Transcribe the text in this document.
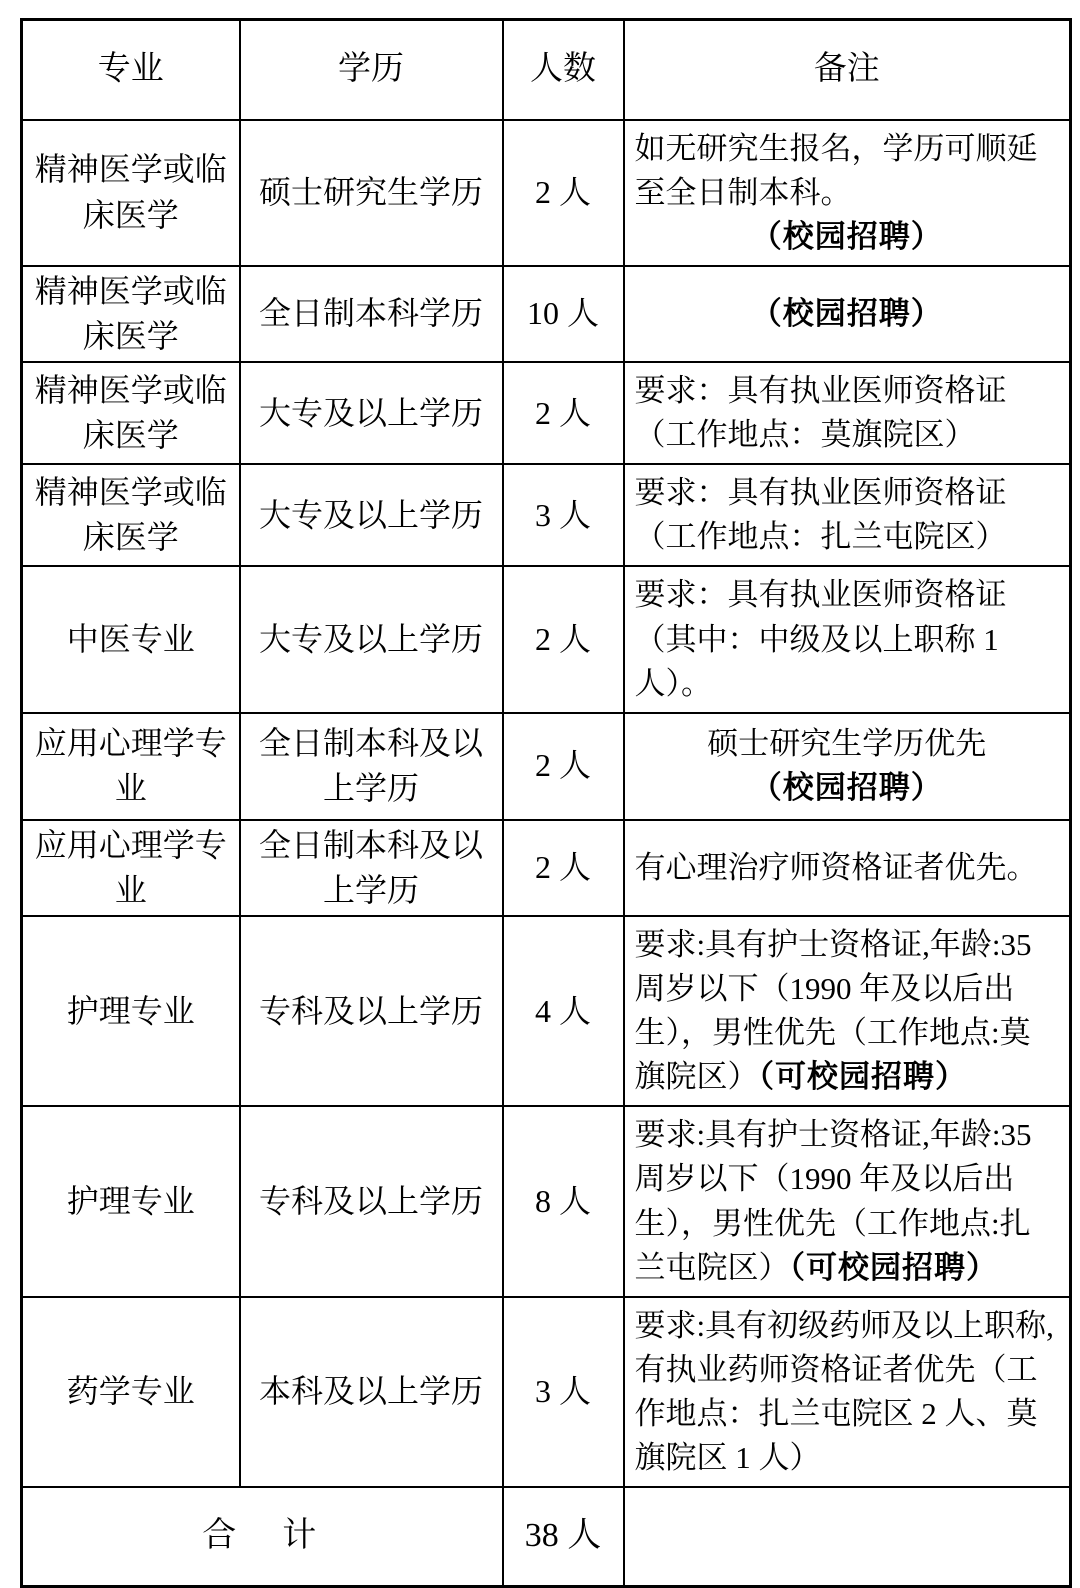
专业	学历	人数	备注
精神医学或临床医学	硕士研究生学历	2 人	如无研究生报名，学历可顺延至全日制本科。
（校园招聘）

精神医学或临床医学	全日制本科学历	10 人	（校园招聘）

精神医学或临床医学	大专及以上学历	2 人	要求：具有执业医师资格证（工作地点：莫旗院区）

精神医学或临床医学	大专及以上学历	3 人	要求：具有执业医师资格证（工作地点：扎兰屯院区）

中医专业	大专及以上学历	2 人	要求：具有执业医师资格证（其中：中级及以上职称 1 人）。

应用心理学专业	全日制本科及以上学历	2 人	硕士研究生学历优先
（校园招聘）

应用心理学专业	全日制本科及以上学历	2 人	有心理治疗师资格证者优先。

护理专业	专科及以上学历	4 人	要求:具有护士资格证,年龄:35 周岁以下（1990 年及以后出生），男性优先（工作地点:莫旗院区）（可校园招聘）
护理专业	专科及以上学历	8 人	要求:具有护士资格证,年龄:35 周岁以下（1990 年及以后出生），男性优先（工作地点:扎兰屯院区）（可校园招聘）
药学专业	本科及以上学历	3 人	要求:具有初级药师及以上职称,有执业药师资格证者优先（工作地点：扎兰屯院区 2 人、莫旗院区 1 人）

合　计		38 人	
